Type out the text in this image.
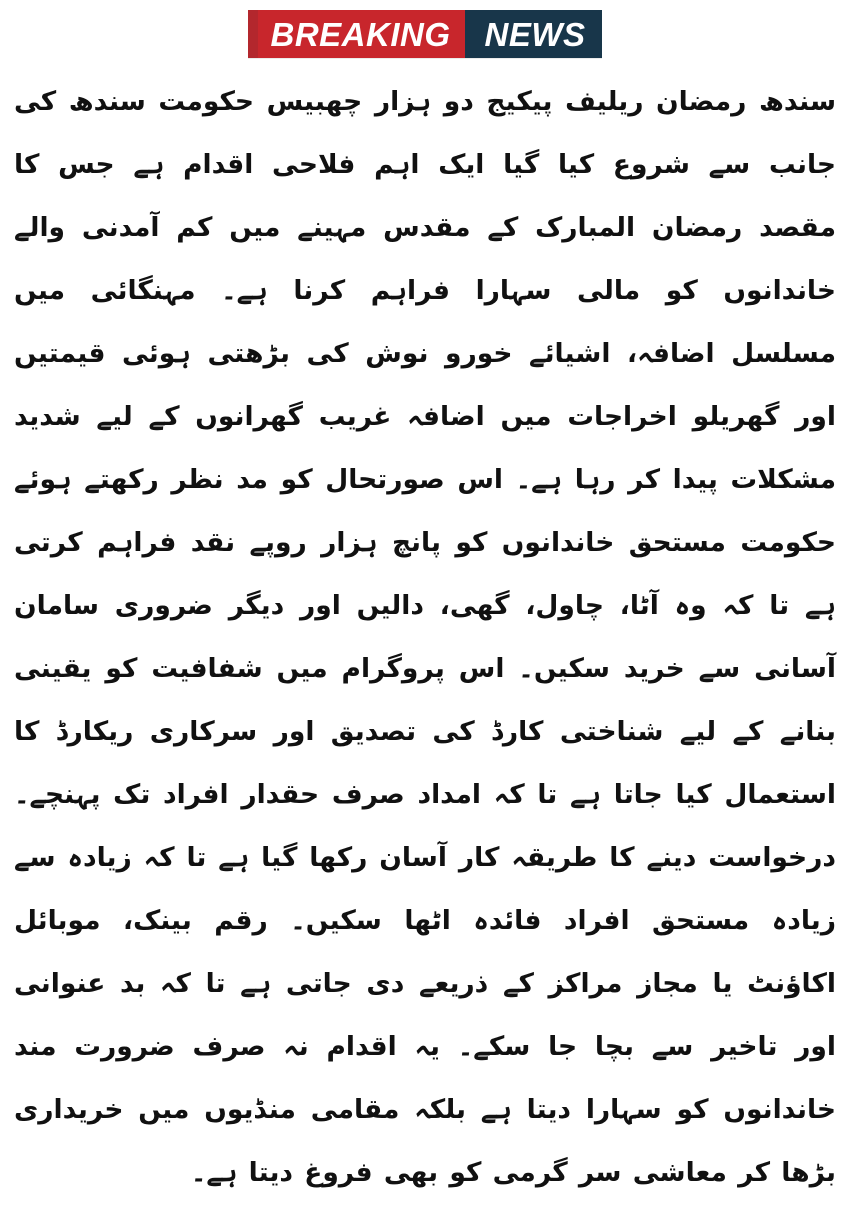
BREAKING	NEWS

سندھ رمضان ریلیف پیکیج دو ہزار چھبیس حکومت سندھ کی جانب سے شروع کیا گیا ایک اہم فلاحی اقدام ہے جس کا مقصد رمضان المبارک کے مقدس مہینے میں کم آمدنی والے خاندانوں کو مالی سہارا فراہم کرنا ہے۔ مہنگائی میں مسلسل اضافہ، اشیائے خورو نوش کی بڑھتی ہوئی قیمتیں اور گھریلو اخراجات میں اضافہ غریب گھرانوں کے لیے شدید مشکلات پیدا کر رہا ہے۔ اس صورتحال کو مد نظر رکھتے ہوئے حکومت مستحق خاندانوں کو پانچ ہزار روپے نقد فراہم کرتی ہے تا کہ وہ آٹا، چاول، گھی، دالیں اور دیگر ضروری سامان آسانی سے خرید سکیں۔ اس پروگرام میں شفافیت کو یقینی بنانے کے لیے شناختی کارڈ کی تصدیق اور سرکاری ریکارڈ کا استعمال کیا جاتا ہے تا کہ امداد صرف حقدار افراد تک پہنچے۔ درخواست دینے کا طریقہ کار آسان رکھا گیا ہے تا کہ زیادہ سے زیادہ مستحق افراد فائدہ اٹھا سکیں۔ رقم بینک، موبائل اکاؤنٹ یا مجاز مراکز کے ذریعے دی جاتی ہے تا کہ بد عنوانی اور تاخیر سے بچا جا سکے۔ یہ اقدام نہ صرف ضرورت مند خاندانوں کو سہارا دیتا ہے بلکہ مقامی منڈیوں میں خریداری بڑھا کر معاشی سر گرمی کو بھی فروغ دیتا ہے۔
